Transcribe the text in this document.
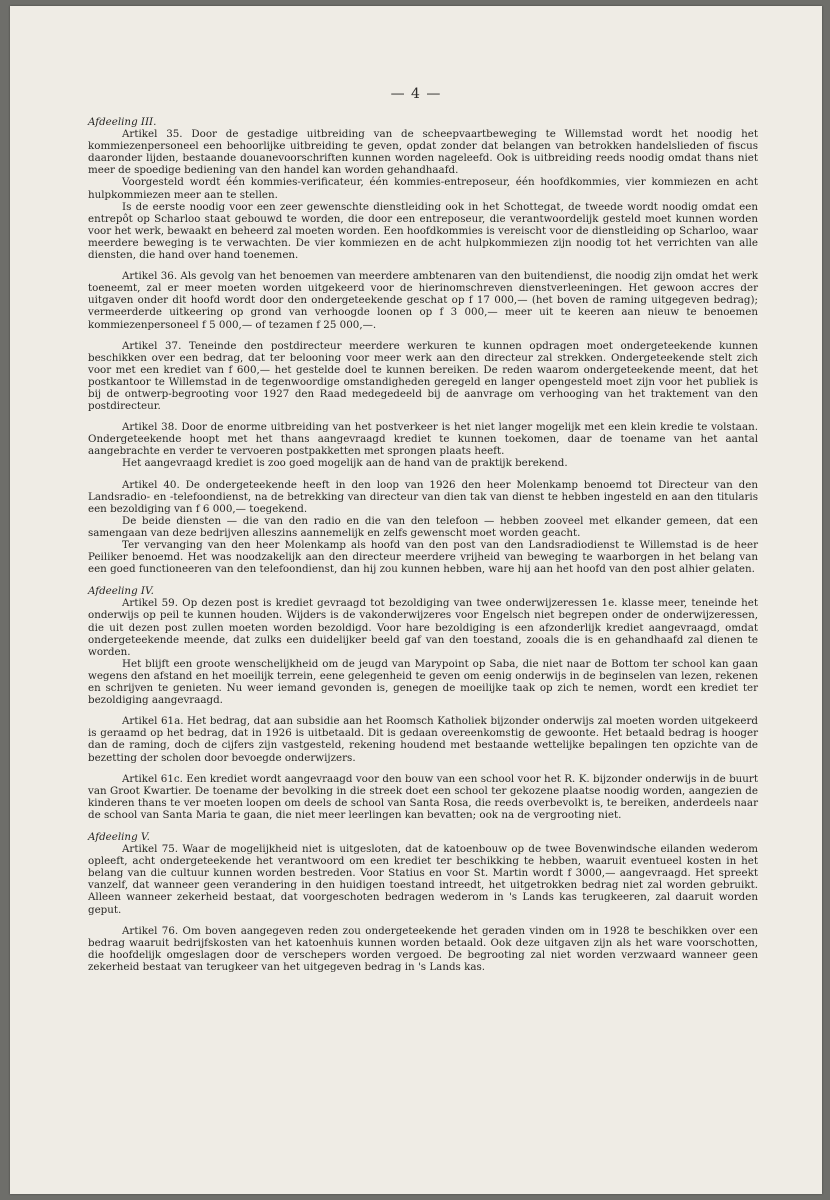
— 4 —

Afdeeling III.

Artikel 35. Door de gestadige uitbreiding van de scheepvaartbeweging te Willemstad wordt het noodig het kommiezenpersoneel een behoorlijke uitbreiding te geven, opdat zonder dat belangen van betrokken handelslieden of fiscus daaronder lijden, bestaande douanevoorschriften kunnen worden nageleefd. Ook is uitbreiding reeds noodig omdat thans niet meer de spoedige bediening van den handel kan worden gehandhaafd.

Voorgesteld wordt één kommies-verificateur, één kommies-entreposeur, één hoofdkommies, vier kommiezen en acht hulpkommiezen meer aan te stellen.

Is de eerste noodig voor een zeer gewenschte dienstleiding ook in het Schottegat, de tweede wordt noodig omdat een entrepôt op Scharloo staat gebouwd te worden, die door een entreposeur, die verantwoordelijk gesteld moet kunnen worden voor het werk, bewaakt en beheerd zal moeten worden. Een hoofdkommies is vereischt voor de dienstleiding op Scharloo, waar meerdere beweging is te verwachten. De vier kommiezen en de acht hulpkommiezen zijn noodig tot het verrichten van alle diensten, die hand over hand toenemen.

Artikel 36. Als gevolg van het benoemen van meerdere ambtenaren van den buitendienst, die noodig zijn omdat het werk toeneemt, zal er meer moeten worden uitgekeerd voor de hierinomschreven dienstverleeningen. Het gewoon accres der uitgaven onder dit hoofd wordt door den ondergeteekende geschat op f 17 000,— (het boven de raming uitgegeven bedrag); vermeerderde uitkeering op grond van verhoogde loonen op f 3 000,— meer uit te keeren aan nieuw te benoemen kommiezenpersoneel f 5 000,— of tezamen f 25 000,—.

Artikel 37. Teneinde den postdirecteur meerdere werkuren te kunnen opdragen moet ondergeteekende kunnen beschikken over een bedrag, dat ter belooning voor meer werk aan den directeur zal strekken. Ondergeteekende stelt zich voor met een krediet van f 600,— het gestelde doel te kunnen bereiken. De reden waarom ondergeteekende meent, dat het postkantoor te Willemstad in de tegenwoordige omstandigheden geregeld en langer opengesteld moet zijn voor het publiek is bij de ontwerp-begrooting voor 1927 den Raad medegedeeld bij de aanvrage om verhooging van het traktement van den postdirecteur.

Artikel 38. Door de enorme uitbreiding van het postverkeer is het niet langer mogelijk met een klein kredie te volstaan. Ondergeteekende hoopt met het thans aangevraagd krediet te kunnen toekomen, daar de toename van het aantal aangebrachte en verder te vervoeren postpakketten met sprongen plaats heeft.

Het aangevraagd krediet is zoo goed mogelijk aan de hand van de praktijk berekend.

Artikel 40. De ondergeteekende heeft in den loop van 1926 den heer Molenkamp benoemd tot Directeur van den Landsradio- en -telefoondienst, na de betrekking van directeur van dien tak van dienst te hebben ingesteld en aan den titularis een bezoldiging van f 6 000,— toegekend.

De beide diensten — die van den radio en die van den telefoon — hebben zooveel met elkander gemeen, dat een samengaan van deze bedrijven alleszins aannemelijk en zelfs gewenscht moet worden geacht.

Ter vervanging van den heer Molenkamp als hoofd van den post van den Landsradiodienst te Willemstad is de heer Peiliker benoemd. Het was noodzakelijk aan den directeur meerdere vrijheid van beweging te waarborgen in het belang van een goed functioneeren van den telefoondienst, dan hij zou kunnen hebben, ware hij aan het hoofd van den post alhier gelaten.

Afdeeling IV.

Artikel 59. Op dezen post is krediet gevraagd tot bezoldiging van twee onderwijzeressen 1e. klasse meer, teneinde het onderwijs op peil te kunnen houden. Wijders is de vakonderwijzeres voor Engelsch niet begrepen onder de onderwijzeressen, die uit dezen post zullen moeten worden bezoldigd. Voor hare bezoldiging is een afzonderlijk krediet aangevraagd, omdat ondergeteekende meende, dat zulks een duidelijker beeld gaf van den toestand, zooals die is en gehandhaafd zal dienen te worden.

Het blijft een groote wenschelijkheid om de jeugd van Marypoint op Saba, die niet naar de Bottom ter school kan gaan wegens den afstand en het moeilijk terrein, eene gelegenheid te geven om eenig onderwijs in de beginselen van lezen, rekenen en schrijven te genieten. Nu weer iemand gevonden is, genegen de moeilijke taak op zich te nemen, wordt een krediet ter bezoldiging aangevraagd.

Artikel 61a. Het bedrag, dat aan subsidie aan het Roomsch Katholiek bijzonder onderwijs zal moeten worden uitgekeerd is geraamd op het bedrag, dat in 1926 is uitbetaald. Dit is gedaan overeenkomstig de gewoonte. Het betaald bedrag is hooger dan de raming, doch de cijfers zijn vastgesteld, rekening houdend met bestaande wettelijke bepalingen ten opzichte van de bezetting der scholen door bevoegde onderwijzers.

Artikel 61c. Een krediet wordt aangevraagd voor den bouw van een school voor het R. K. bijzonder onderwijs in de buurt van Groot Kwartier. De toename der bevolking in die streek doet een school ter gekozene plaatse noodig worden, aangezien de kinderen thans te ver moeten loopen om deels de school van Santa Rosa, die reeds overbevolkt is, te bereiken, anderdeels naar de school van Santa Maria te gaan, die niet meer leerlingen kan bevatten; ook na de vergrooting niet.

Afdeeling V.

Artikel 75. Waar de mogelijkheid niet is uitgesloten, dat de katoenbouw op de twee Bovenwindsche eilanden wederom opleeft, acht ondergeteekende het verantwoord om een krediet ter beschikking te hebben, waaruit eventueel kosten in het belang van die cultuur kunnen worden bestreden. Voor Statius en voor St. Martin wordt f 3000,— aangevraagd. Het spreekt vanzelf, dat wanneer geen verandering in den huidigen toestand intreedt, het uitgetrokken bedrag niet zal worden gebruikt. Alleen wanneer zekerheid bestaat, dat voorgeschoten bedragen wederom in 's Lands kas terugkeeren, zal daaruit worden geput.

Artikel 76. Om boven aangegeven reden zou ondergeteekende het geraden vinden om in 1928 te beschikken over een bedrag waaruit bedrijfskosten van het katoenhuis kunnen worden betaald. Ook deze uitgaven zijn als het ware voorschotten, die hoofdelijk omgeslagen door de verschepers worden vergoed. De begrooting zal niet worden verzwaard wanneer geen zekerheid bestaat van terugkeer van het uitgegeven bedrag in 's Lands kas.
